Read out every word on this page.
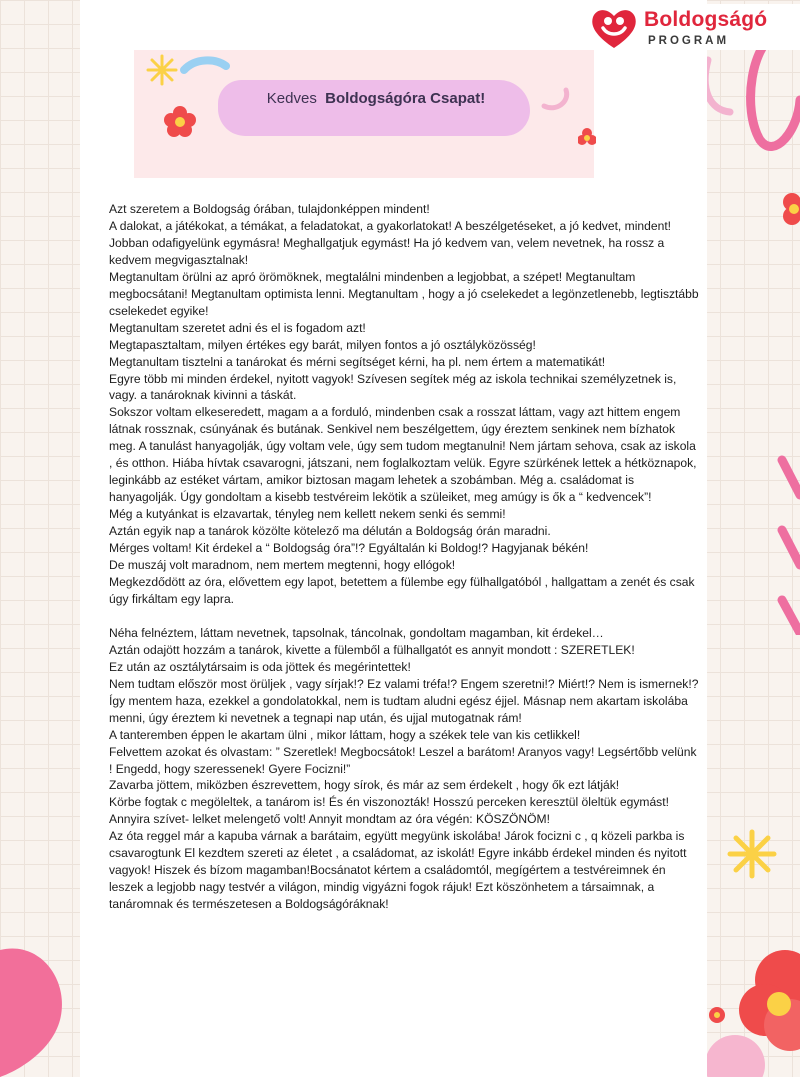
Boldogságó
PROGRAM
Kedves Boldogságóra Csapat!

Azt szeretem a Boldogság órában, tulajdonképpen mindent!

A dalokat, a játékokat, a témákat, a feladatokat, a gyakorlatokat! A beszélgetéseket, a jó kedvet, mindent!

Jobban odafigyelünk egymásra! Meghallgatjuk egymást! Ha jó kedvem van, velem nevetnek, ha rossz a kedvem megvigasztalnak!

Megtanultam örülni az apró örömöknek, megtalálni mindenben a legjobbat, a szépet! Megtanultam megbocsátani! Megtanultam optimista lenni. Megtanultam , hogy a jó cselekedet a legönzetlenebb, legtisztább cselekedet egyike!

Megtanultam szeretet adni és el is fogadom azt!

Megtapasztaltam, milyen értékes egy barát, milyen fontos a jó osztályközösség!

Megtanultam tisztelni a tanárokat és mérni segítséget kérni, ha pl. nem értem a matematikát!

Egyre több mi minden érdekel, nyitott vagyok! Szívesen segítek még az iskola technikai személyzetnek is, vagy. a tanároknak kivinni a táskát.

Sokszor voltam elkeseredett, magam a a forduló, mindenben csak a rosszat láttam, vagy azt hittem engem látnak rossznak, csúnyának és butának. Senkivel nem beszélgettem, úgy éreztem senkinek nem bízhatok meg. A tanulást hanyagolják, úgy voltam vele, úgy sem tudom megtanulni! Nem jártam sehova, csak az iskola , és otthon. Hiába hívtak csavarogni, játszani, nem foglalkoztam velük. Egyre szürkének lettek a hétköznapok, leginkább az estéket vártam, amikor biztosan magam lehetek a szobámban. Még a. családomat is hanyagolják. Úgy gondoltam a kisebb testvéreim lekötik a szüleiket, meg amúgy is ők a “ kedvencek”!

Még a kutyánkat is elzavartak, tényleg nem kellett nekem senki és semmi!

Aztán egyik nap a tanárok közölte kötelező ma délután a Boldogság órán maradni.

Mérges voltam! Kit érdekel a “ Boldogság óra”!? Egyáltalán ki Boldog!? Hagyjanak békén!

De muszáj volt maradnom, nem mertem megtenni, hogy ellógok!

Megkezdődött az óra, elővettem egy lapot, betettem a fülembe egy fülhallgatóból , hallgattam a zenét és csak úgy firkáltam egy lapra.

Néha felnéztem, láttam nevetnek, tapsolnak, táncolnak, gondoltam magamban, kit érdekel…

Aztán odajött hozzám a tanárok, kivette a fülemből a fülhallgatót es annyit mondott : SZERETLEK!

Ez után az osztálytársaim is oda jöttek és megérintettek!

Nem tudtam először most örüljek , vagy sírjak!? Ez valami tréfa!? Engem szeretni!? Miért!? Nem is ismernek!?

Így mentem haza, ezekkel a gondolatokkal, nem is tudtam aludni egész éjjel. Másnap nem akartam iskolába menni, úgy éreztem ki nevetnek a tegnapi nap után, és ujjal mutogatnak rám!

A tanteremben éppen le akartam ülni , mikor láttam, hogy a székek tele van kis cetlikkel!

Felvettem azokat és olvastam: ” Szeretlek! Megbocsátok! Leszel a barátom! Aranyos vagy! Legsértőbb velünk ! Engedd, hogy szeressenek! Gyere Focizni!”

Zavarba jöttem, miközben észrevettem, hogy sírok, és már az sem érdekelt , hogy ők ezt látják!

Körbe fogtak c megöleltek, a tanárom is! És én viszonozták! Hosszú perceken keresztül öleltük egymást! Annyira szívet- lelket melengető volt! Annyit mondtam az óra végén: KÖSZÖNÖM!

Az óta reggel már a kapuba várnak a barátaim, együtt megyünk iskolába! Járok focizni c , q közeli parkba is csavarogtunk El kezdtem szereti az életet , a családomat, az iskolát! Egyre inkább érdekel minden és nyitott vagyok! Hiszek és bízom magamban!Bocsánatot kértem a családomtól, megígértem a testvéreimnek én leszek a legjobb nagy testvér a világon, mindig vigyázni fogok rájuk! Ezt köszönhetem a társaimnak, a tanáromnak és természetesen a Boldogságóráknak!
